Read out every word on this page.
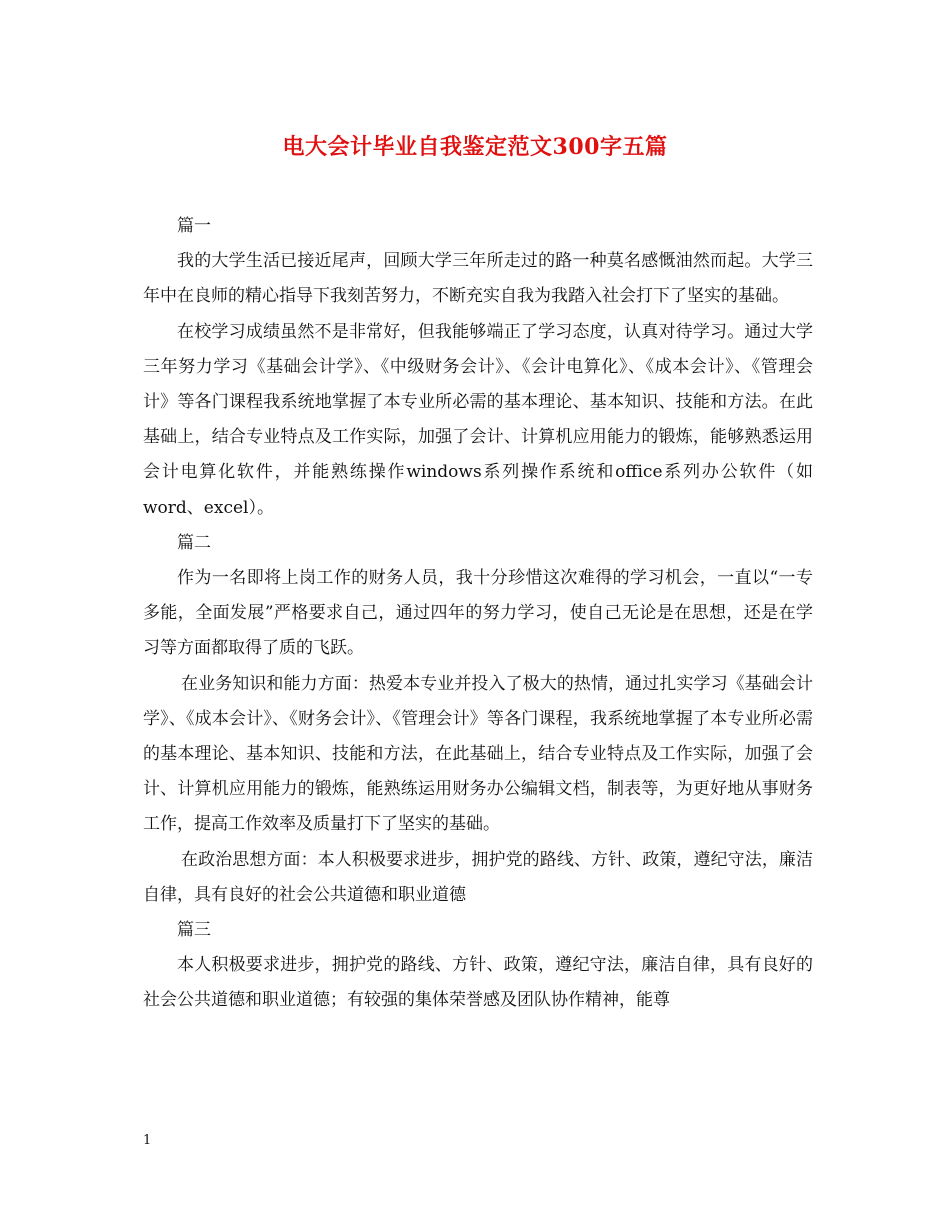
电大会计毕业自我鉴定范文300字五篇

篇一

我的大学生活已接近尾声，回顾大学三年所走过的路一种莫名感慨油然而起。大学三年中在良师的精心指导下我刻苦努力，不断充实自我为我踏入社会打下了坚实的基础。

在校学习成绩虽然不是非常好，但我能够端正了学习态度，认真对待学习。通过大学三年努力学习《基础会计学》、《中级财务会计》、《会计电算化》、《成本会计》、《管理会计》等各门课程我系统地掌握了本专业所必需的基本理论、基本知识、技能和方法。在此基础上，结合专业特点及工作实际，加强了会计、计算机应用能力的锻炼，能够熟悉运用会计电算化软件，并能熟练操作windows系列操作系统和office系列办公软件（如word、excel）。

篇二

作为一名即将上岗工作的财务人员，我十分珍惜这次难得的学习机会，一直以“一专多能，全面发展”严格要求自己，通过四年的努力学习，使自己无论是在思想，还是在学习等方面都取得了质的飞跃。

在业务知识和能力方面：热爱本专业并投入了极大的热情，通过扎实学习《基础会计学》、《成本会计》、《财务会计》、《管理会计》等各门课程，我系统地掌握了本专业所必需的基本理论、基本知识、技能和方法，在此基础上，结合专业特点及工作实际，加强了会计、计算机应用能力的锻炼，能熟练运用财务办公编辑文档，制表等，为更好地从事财务工作，提高工作效率及质量打下了坚实的基础。

在政治思想方面：本人积极要求进步，拥护党的路线、方针、政策，遵纪守法，廉洁自律，具有良好的社会公共道德和职业道德

篇三

本人积极要求进步，拥护党的路线、方针、政策，遵纪守法，廉洁自律，具有良好的社会公共道德和职业道德；有较强的集体荣誉感及团队协作精神，能尊

1
